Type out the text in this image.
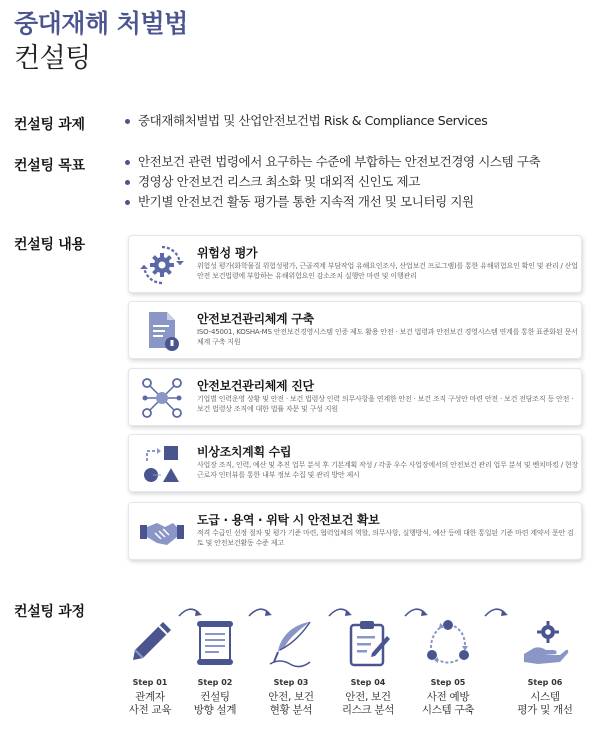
중대재해 처벌법
컨설팅
컨설팅 과제	중대재해처벌법 및 산업안전보건법 Risk & Compliance Services
컨설팅 목표	안전보건 관련 법령에서 요구하는 수준에 부합하는 안전보건경영 시스템 구축
경영상 안전보건 리스크 최소화 및 대외적 신인도 제고
반기별 안전보건 활동 평가를 통한 지속적 개선 및 모니터링 지원
컨설팅 내용	위험성 평가
위험성 평가(화학물질 위험성평가, 근골격계 부담작업 유해요인조사, 산업보건 프로그램)를 통한 유해위험요인 확인 및 관리 / 산업안전 보건법령에 부합하는 유해위험요인 감소조치 실행안 마련 및 이행관리
안전보건관리체계 구축
ISO-45001, KOSHA-MS 안전보건경영시스템 인증 제도 활용 안전 · 보건 법령과 안전보건 경영시스템 연계를 통한 표준화된 문서체계 구축 지원
안전보건관리체제 진단
기업별 인력운영 상황 및 안전 · 보건 법령상 인력 의무사항을 연계한 안전 · 보건 조직 구성안 마련 안전 · 보건 전담조직 등 안전 · 보건 법령상 조직에 대한 법률 자문 및 구성 지원
비상조치계획 수립
사업장 조직, 인력, 예산 및 추진 업무 분석 후 기본계획 작성 / 각종 우수 사업장에서의 안전보건 관리 업무 분석 및 벤치마킹 / 현장근로자 인터뷰를 통한 내부 정보 수집 및 관리 방안 제시
도급 · 용역 · 위탁 시 안전보건 확보
적격 수급인 선정 절차 및 평가 기준 마련, 협력업체의 역할, 의무사항, 실행방식, 예산 등에 대한 통일된 기준 마련 계약서 문안 검토 및 안전보건활동 수준 제고
컨설팅 과정
Step 01
관계자
사전 교육
Step 02
컨설팅
방향 설계
Step 03
안전, 보건
현황 분석
Step 04
안전, 보건
리스크 분석
Step 05
사전 예방
시스템 구축
Step 06
시스템
평가 및 개선
